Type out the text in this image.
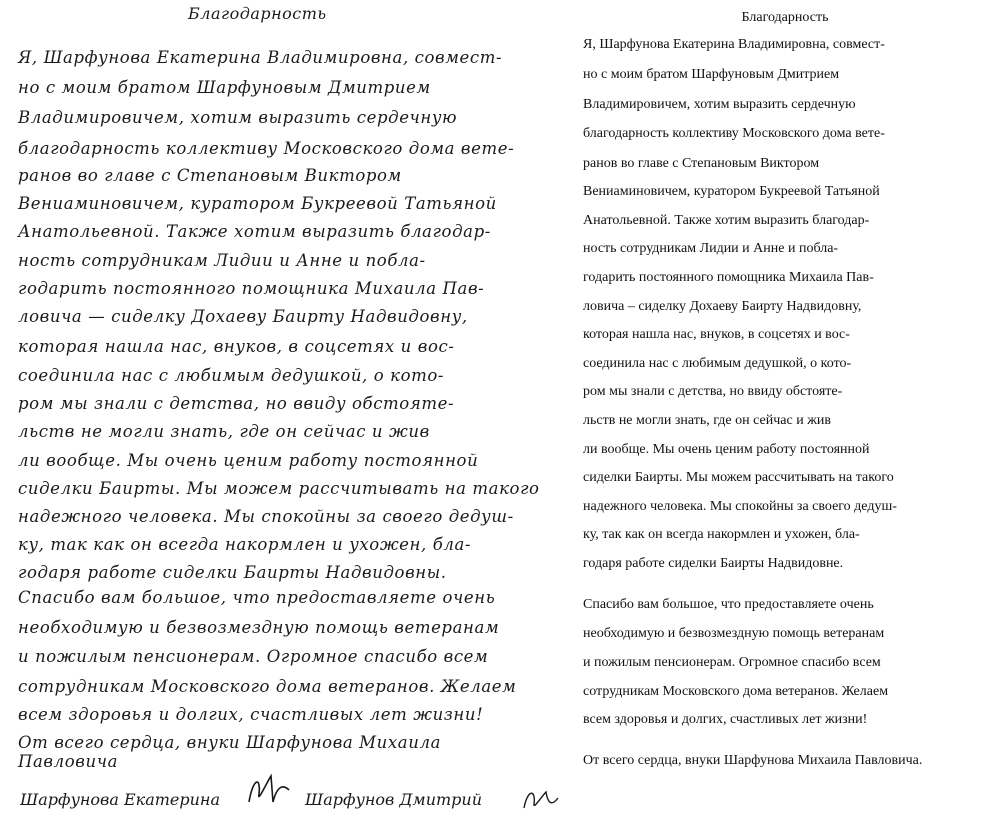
Благодарность
Я, Шарфунова Екатерина Владимировна, совмест-
но с моим братом Шарфуновым Дмитрием
Владимировичем, хотим выразить сердечную
благодарность коллективу Московского дома вете-
ранов во главе с Степановым Виктором
Вениаминовичем, куратором Букреевой Татьяной
Анатольевной. Также хотим выразить благодар-
ность сотрудникам Лидии и Анне и побла-
годарить постоянного помощника Михаила Пав-
ловича — сиделку Дохаеву Баирту Надвидовну,
которая нашла нас, внуков, в соцсетях и вос-
соединила нас с любимым дедушкой, о кото-
ром мы знали с детства, но ввиду обстояте-
льств не могли знать, где он сейчас и жив
ли вообще. Мы очень ценим работу постоянной
сиделки Баирты. Мы можем рассчитывать на такого
надежного человека. Мы спокойны за своего дедуш-
ку, так как он всегда накормлен и ухожен, бла-
годаря работе сиделки Баирты Надвидовны.
Спасибо вам большое, что предоставляете очень
необходимую и безвозмездную помощь ветеранам
и пожилым пенсионерам. Огромное спасибо всем
сотрудникам Московского дома ветеранов. Желаем
всем здоровья и долгих, счастливых лет жизни!
От всего сердца, внуки Шарфунова Михаила
Павловича
Шарфунова Екатерина	Шарфунов Дмитрий
Благодарность
Я, Шарфунова Екатерина Владимировна, совмест-
но с моим братом Шарфуновым Дмитрием
Владимировичем, хотим выразить сердечную
благодарность коллективу Московского дома вете-
ранов во главе с Степановым Виктором
Вениаминовичем, куратором Букреевой Татьяной
Анатольевной. Также хотим выразить благодар-
ность сотрудникам Лидии и Анне и побла-
годарить постоянного помощника Михаила Пав-
ловича – сиделку Дохаеву Баирту Надвидовну,
которая нашла нас, внуков, в соцсетях и вос-
соединила нас с любимым дедушкой, о кото-
ром мы знали с детства, но ввиду обстояте-
льств не могли знать, где он сейчас и жив
ли вообще. Мы очень ценим работу постоянной
сиделки Баирты. Мы можем рассчитывать на такого
надежного человека. Мы спокойны за своего дедуш-
ку, так как он всегда накормлен и ухожен, бла-
годаря работе сиделки Баирты Надвидовне.
Спасибо вам большое, что предоставляете очень
необходимую и безвозмездную помощь ветеранам
и пожилым пенсионерам. Огромное спасибо всем
сотрудникам Московского дома ветеранов. Желаем
всем здоровья и долгих, счастливых лет жизни!
От всего сердца, внуки Шарфунова Михаила Павловича.
